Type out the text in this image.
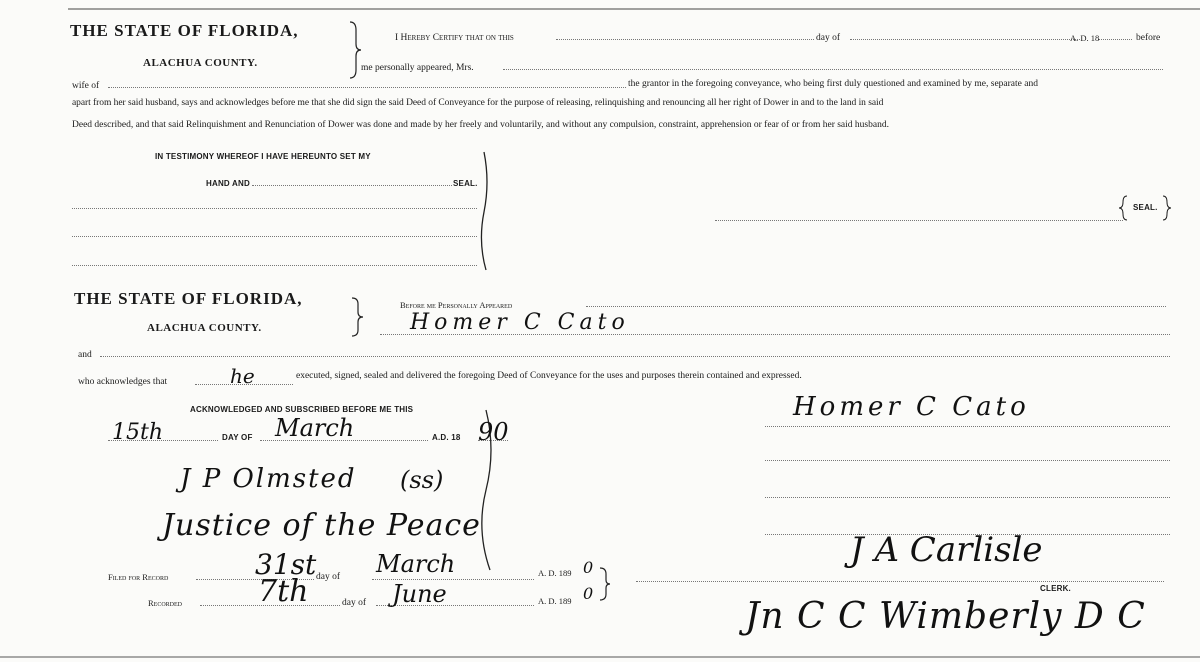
THE STATE OF FLORIDA,
ALACHUA COUNTY.
I Hereby Certify that on this	day of	A. D. 18	before
me personally appeared, Mrs.
wife of	the grantor in the foregoing conveyance, who being first duly questioned and examined by me, separate and
apart from her said husband, says and acknowledges before me that she did sign the said Deed of Conveyance for the purpose of releasing, relinquishing and renouncing all her right of Dower in and to the land in said
Deed described, and that said Relinquishment and Renunciation of Dower was done and made by her freely and voluntarily, and without any compulsion, constraint, apprehension or fear of or from her said husband.
IN TESTIMONY WHEREOF I HAVE HEREUNTO SET MY
HAND AND	SEAL.
SEAL.
THE STATE OF FLORIDA,
ALACHUA COUNTY.
Before me Personally Appeared
Homer C Cato
and
who acknowledges that	he	executed, signed, sealed and delivered the foregoing Deed of Conveyance for the uses and purposes therein contained and expressed.
ACKNOWLEDGED AND SUBSCRIBED BEFORE ME THIS
15th	DAY OF March	A.D. 18 90
J P Olmsted (ss)
Justice of the Peace
Homer C Cato
Filed for Record	31st day of March	A. D. 189 0
Recorded	7th	day of June	A. D. 189 0
J A Carlisle
CLERK.
Jn C C Wimberly D C
